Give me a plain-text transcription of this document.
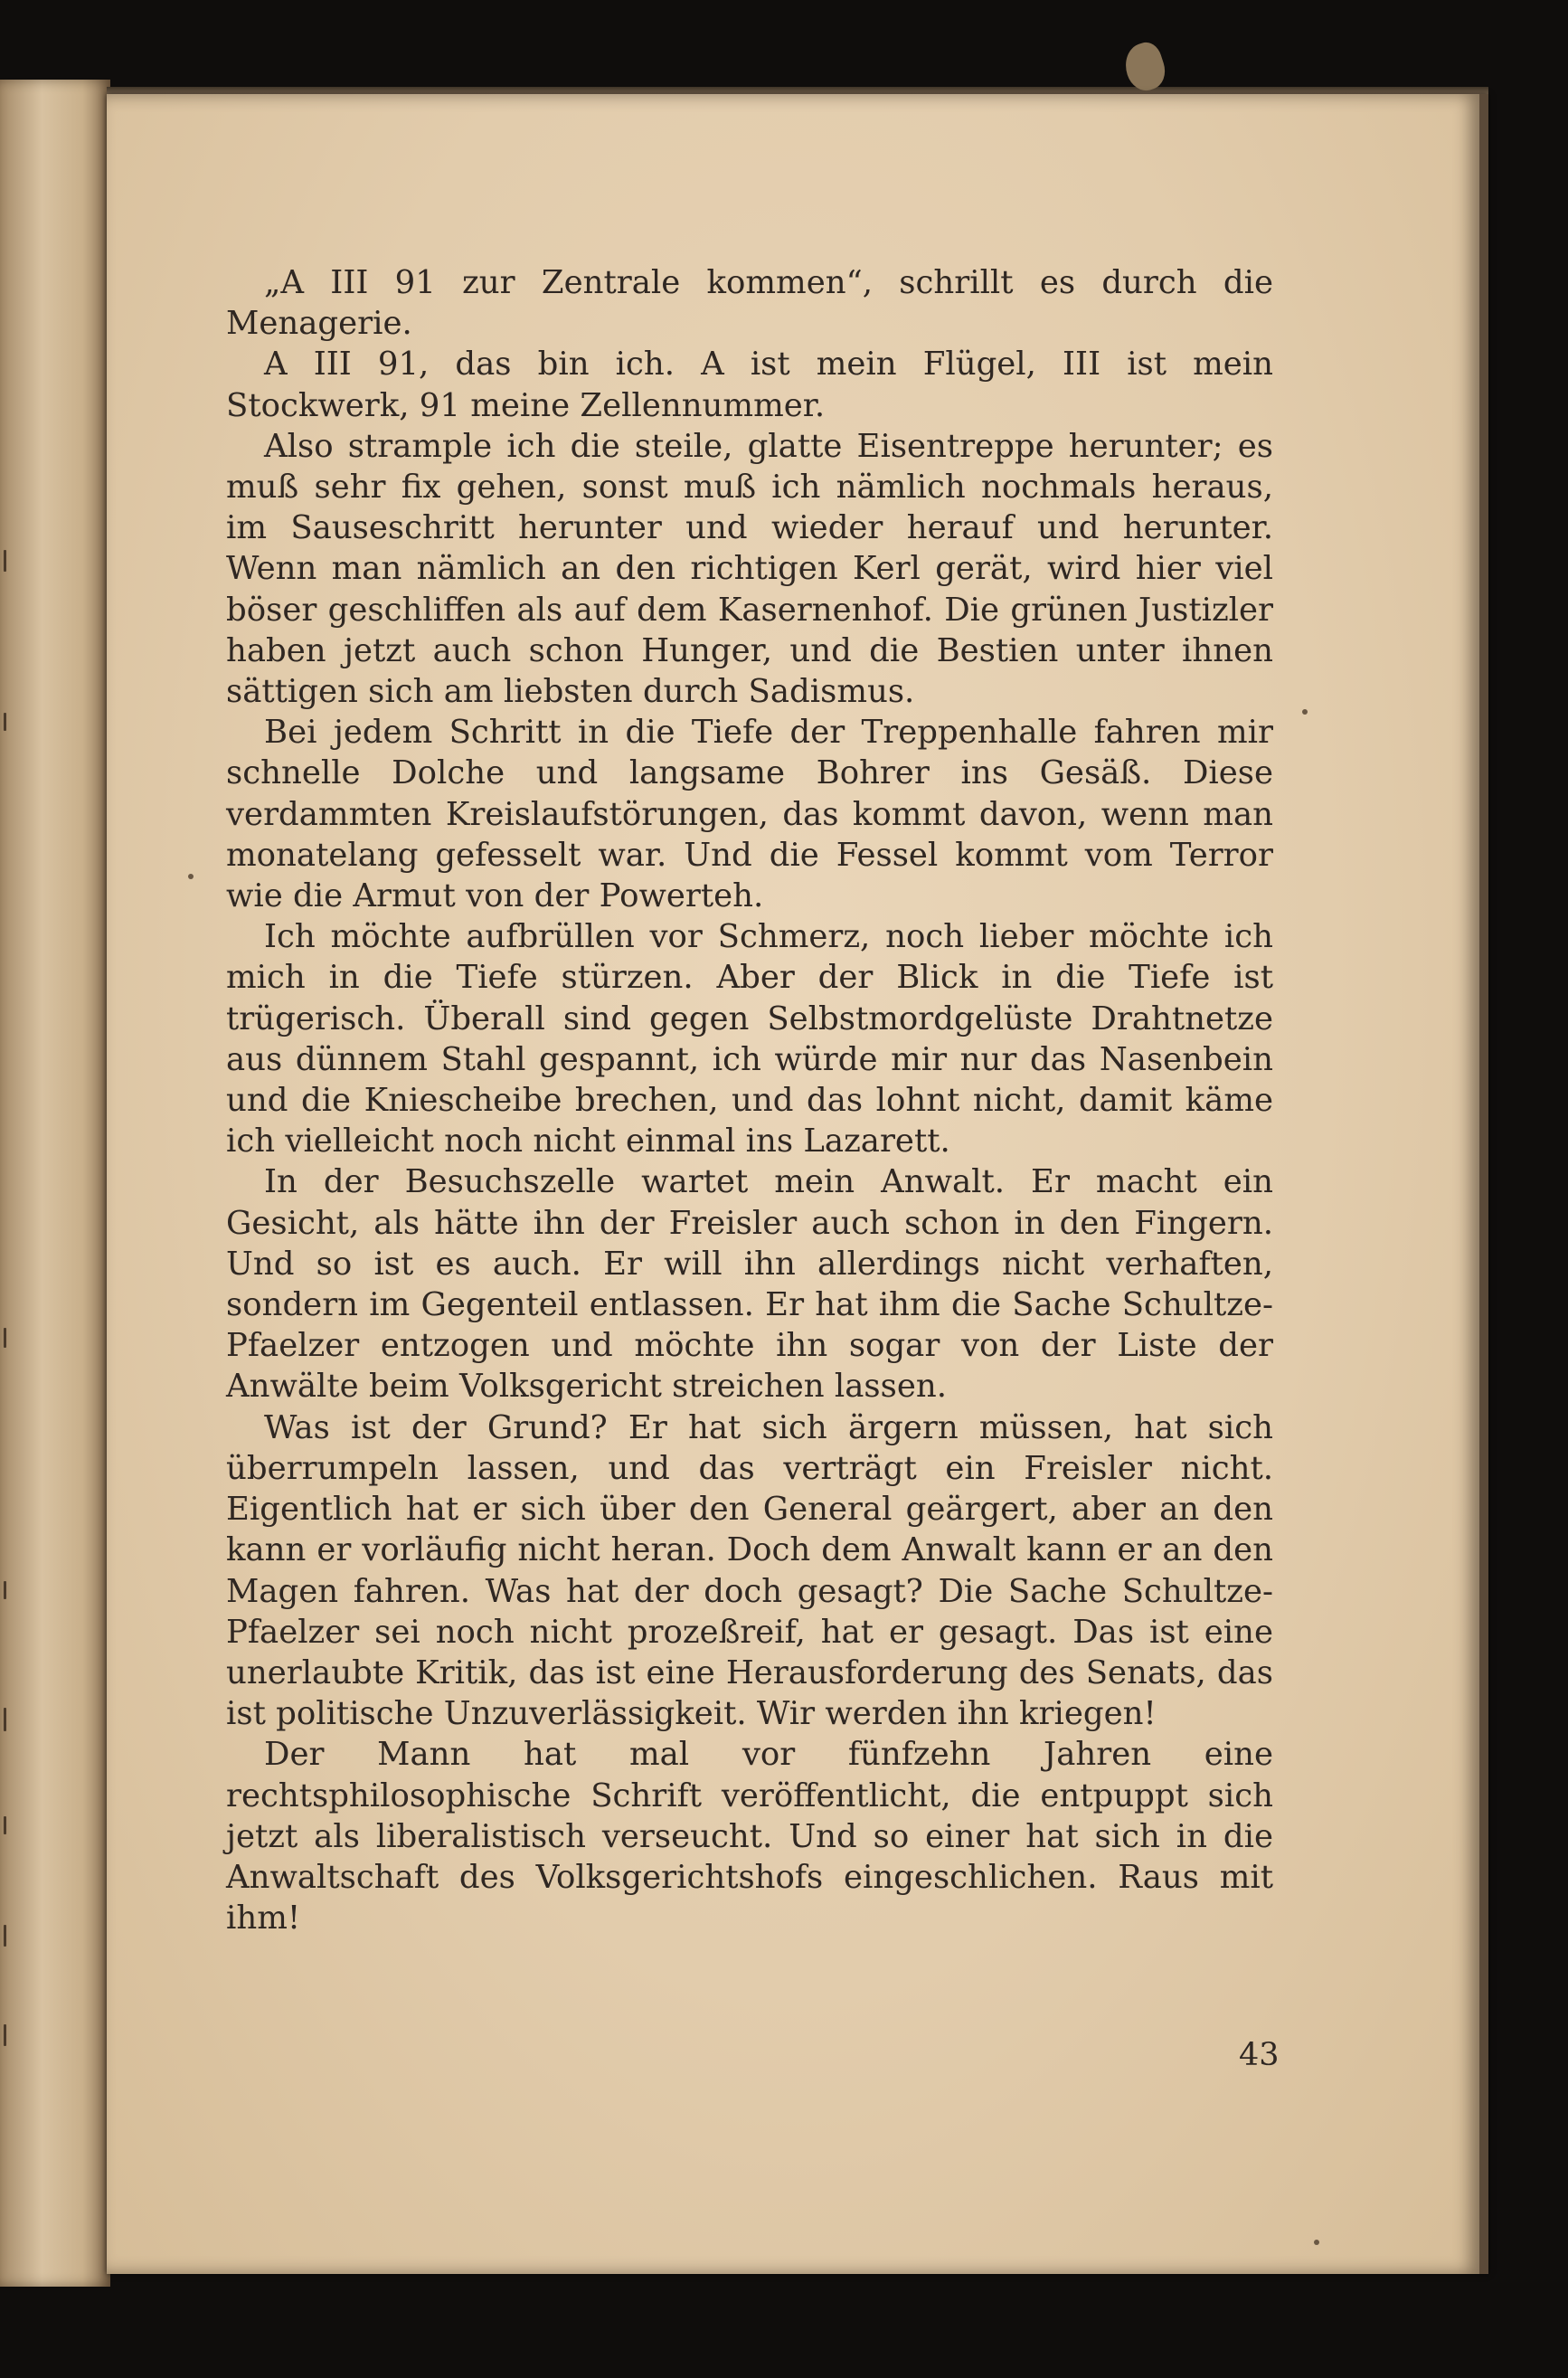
„A III 91 zur Zentrale kommen“, schrillt es durch die Menagerie.

A III 91, das bin ich. A ist mein Flügel, III ist mein Stockwerk, 91 meine Zellennummer.

Also strample ich die steile, glatte Eisentreppe herunter; es muß sehr fix gehen, sonst muß ich nämlich nochmals heraus, im Sauseschritt herunter und wieder herauf und herunter. Wenn man nämlich an den richtigen Kerl gerät, wird hier viel böser geschliffen als auf dem Kasernenhof. Die grünen Justizler haben jetzt auch schon Hunger, und die Bestien unter ihnen sättigen sich am liebsten durch Sadismus.

Bei jedem Schritt in die Tiefe der Treppenhalle fahren mir schnelle Dolche und langsame Bohrer ins Gesäß. Diese verdammten Kreislaufstörungen, das kommt davon, wenn man monatelang gefesselt war. Und die Fessel kommt vom Terror wie die Armut von der Powerteh.

Ich möchte aufbrüllen vor Schmerz, noch lieber möchte ich mich in die Tiefe stürzen. Aber der Blick in die Tiefe ist trügerisch. Überall sind gegen Selbstmordgelüste Drahtnetze aus dünnem Stahl gespannt, ich würde mir nur das Nasenbein und die Kniescheibe brechen, und das lohnt nicht, damit käme ich vielleicht noch nicht einmal ins Lazarett.

In der Besuchszelle wartet mein Anwalt. Er macht ein Gesicht, als hätte ihn der Freisler auch schon in den Fingern. Und so ist es auch. Er will ihn allerdings nicht verhaften, sondern im Gegenteil entlassen. Er hat ihm die Sache Schultze-Pfaelzer entzogen und möchte ihn sogar von der Liste der Anwälte beim Volksgericht streichen lassen.

Was ist der Grund? Er hat sich ärgern müssen, hat sich überrumpeln lassen, und das verträgt ein Freisler nicht. Eigentlich hat er sich über den General geärgert, aber an den kann er vorläufig nicht heran. Doch dem Anwalt kann er an den Magen fahren. Was hat der doch gesagt? Die Sache Schultze-Pfaelzer sei noch nicht prozeßreif, hat er gesagt. Das ist eine unerlaubte Kritik, das ist eine Herausforderung des Senats, das ist politische Unzuverlässigkeit. Wir werden ihn kriegen!

Der Mann hat mal vor fünfzehn Jahren eine rechtsphilosophische Schrift veröffentlicht, die entpuppt sich jetzt als liberalistisch verseucht. Und so einer hat sich in die Anwaltschaft des Volksgerichtshofs eingeschlichen. Raus mit ihm!

43
